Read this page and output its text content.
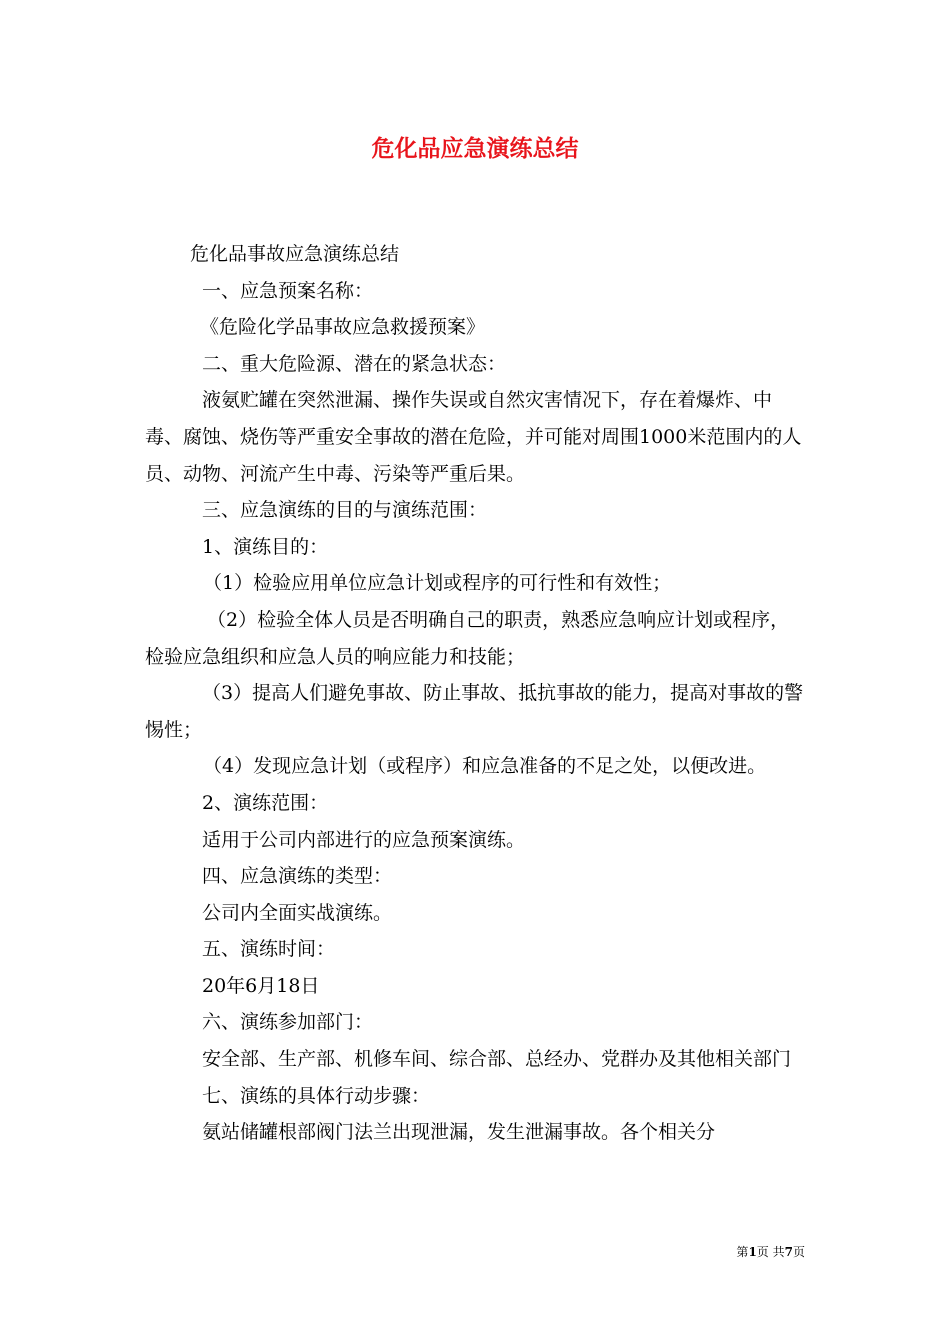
危化品应急演练总结

危化品事故应急演练总结

一、应急预案名称：

《危险化学品事故应急救援预案》

二、重大危险源、潜在的紧急状态：

液氨贮罐在突然泄漏、操作失误或自然灾害情况下，存在着爆炸、中毒、腐蚀、烧伤等严重安全事故的潜在危险，并可能对周围1000米范围内的人员、动物、河流产生中毒、污染等严重后果。

三、应急演练的目的与演练范围：

1、演练目的：

（1）检验应用单位应急计划或程序的可行性和有效性；

（2）检验全体人员是否明确自己的职责，熟悉应急响应计划或程序，检验应急组织和应急人员的响应能力和技能；

（3）提高人们避免事故、防止事故、抵抗事故的能力，提高对事故的警惕性；

（4）发现应急计划（或程序）和应急准备的不足之处，以便改进。

2、演练范围：

适用于公司内部进行的应急预案演练。

四、应急演练的类型：

公司内全面实战演练。

五、演练时间：

20年6月18日

六、演练参加部门：

安全部、生产部、机修车间、综合部、总经办、党群办及其他相关部门

七、演练的具体行动步骤：

氨站储罐根部阀门法兰出现泄漏，发生泄漏事故。各个相关分

第1页 共7页
